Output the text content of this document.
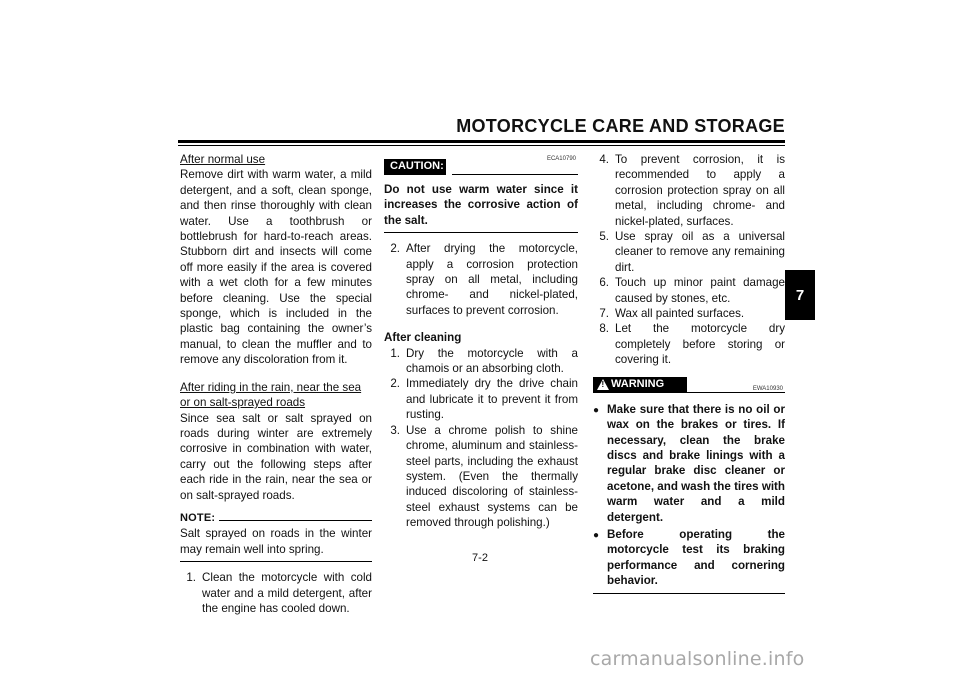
MOTORCYCLE CARE AND STORAGE
7

After normal use

Remove dirt with warm water, a mild detergent, and a soft, clean sponge, and then rinse thoroughly with clean water. Use a toothbrush or bottlebrush for hard-to-reach areas. Stubborn dirt and insects will come off more easily if the area is covered with a wet cloth for a few minutes before cleaning. Use the special sponge, which is included in the plastic bag containing the owner’s manual, to clean the muffler and to remove any discoloration from it.

After riding in the rain, near the sea or on salt-sprayed roads

Since sea salt or salt sprayed on roads during winter are extremely corrosive in combination with water, carry out the following steps after each ride in the rain, near the sea or on salt-sprayed roads.

NOTE:

Salt sprayed on roads in the winter may remain well into spring.

1. Clean the motorcycle with cold water and a mild detergent, after the engine has cooled down.
ECA10790
CAUTION:

Do not use warm water since it increases the corrosive action of the salt.

2. After drying the motorcycle, apply a corrosion protection spray on all metal, including chrome- and nickel-plated, surfaces to prevent corrosion.

After cleaning

1. Dry the motorcycle with a chamois or an absorbing cloth.
2. Immediately dry the drive chain and lubricate it to prevent it from rusting.
3. Use a chrome polish to shine chrome, aluminum and stainless-steel parts, including the exhaust system. (Even the thermally induced discoloring of stainless-steel exhaust systems can be removed through polishing.)
4. To prevent corrosion, it is recommended to apply a corrosion protection spray on all metal, including chrome- and nickel-plated, surfaces.
5. Use spray oil as a universal cleaner to remove any remaining dirt.
6. Touch up minor paint damage caused by stones, etc.
7. Wax all painted surfaces.
8. Let the motorcycle dry completely before storing or covering it.
! WARNING	EWA10930
● Make sure that there is no oil or wax on the brakes or tires. If necessary, clean the brake discs and brake linings with a regular brake disc cleaner or acetone, and wash the tires with warm water and a mild detergent.
● Before operating the motorcycle test its braking performance and cornering behavior.
7-2
carmanualsonline.info
